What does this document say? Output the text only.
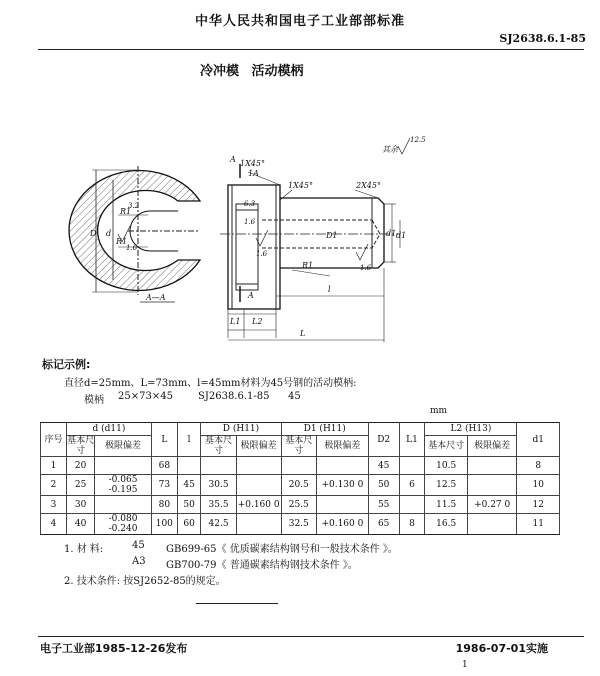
中华人民共和国电子工业部部标准
SJ2638.6.1-85
冷冲模 活动模柄
1X45°
1A
1X45°	2X45°
其余
12.5
6.3
1.6
1.6
1.6
3.2
1.6
R1
R1
R1
D d	D1	d1 d1
A
A
A—A
L1 L2
l
L
标记示例:
直径d=25mm、L=73mm、l=45mm材料为45号钢的活动模柄:
模柄 25×73×45	SJ2638.6.1-85 45
mm
序号	d (d11)		L	l	D (H11)		D1 (H11)		D2	L1	L2 (H13)		d1
	基本尺寸	极限偏差			基本尺寸	极限偏差	基本尺寸	极限偏差			基本尺寸	极限偏差	
1	20		68						45		10.5		8
2	25	-0.065 -0.195	73	45	30.5		20.5	+0.130 0	50	6	12.5		10
3	30		80	50	35.5	+0.160 0	25.5		55		11.5	+0.27 0	12
4	40	-0.080 -0.240	100	60	42.5		32.5	+0.160 0	65	8	16.5		11
1. 材 料:	45 GB699-65《 优质碳素结构钢号和一般技术条件 》。
A3 GB700-79《 普通碳素结构钢技术条件 》。
2. 技术条件: 按SJ2652-85的规定。
电子工业部1985-12-26发布	1986-07-01实施
1
